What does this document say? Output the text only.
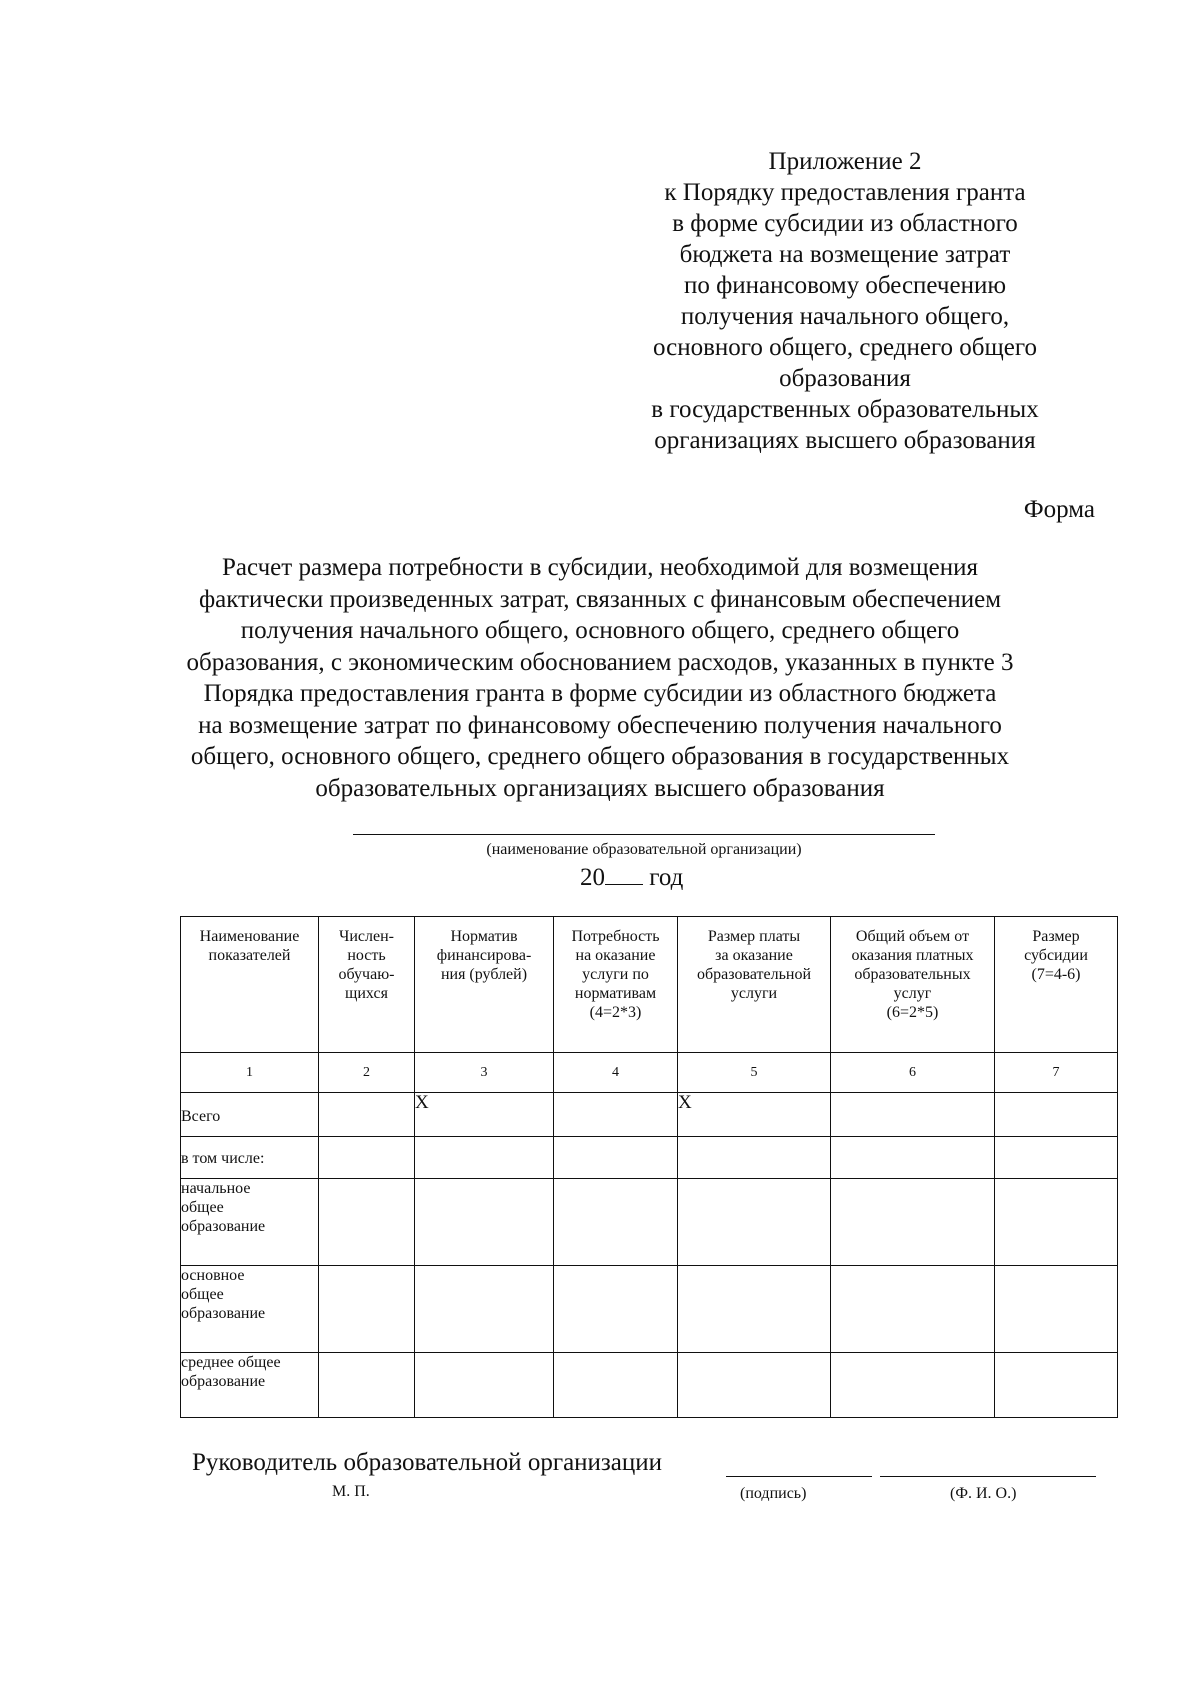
Приложение 2
к Порядку предоставления гранта
в форме субсидии из областного
бюджета на возмещение затрат
по финансовому обеспечению
получения начального общего,
основного общего, среднего общего
образования
в государственных образовательных
организациях высшего образования
Форма
Расчет размера потребности в субсидии, необходимой для возмещения
фактически произведенных затрат, связанных с финансовым обеспечением
получения начального общего, основного общего, среднего общего
образования, с экономическим обоснованием расходов, указанных в пункте 3
Порядка предоставления гранта в форме субсидии из областного бюджета
на возмещение затрат по финансовому обеспечению получения начального
общего, основного общего, среднего общего образования в государственных
образовательных организациях высшего образования
(наименование образовательной организации)
20 год
Наименование
показателей	Числен-
ность
обучаю-
щихся	Норматив
финансирова-
ния (рублей)	Потребность
на оказание
услуги по
нормативам
(4=2*3)	Размер платы
за оказание
образовательной
услуги	Общий объем от
оказания платных
образовательных
услуг
(6=2*5)	Размер
субсидии
(7=4-6)
1	2	3	4	5	6	7
Всего		X		X		
в том числе:						
начальное
общее
образование						
основное
общее
образование						
среднее общее
образование						
Руководитель образовательной организации
М. П.	(подпись)	(Ф. И. О.)
